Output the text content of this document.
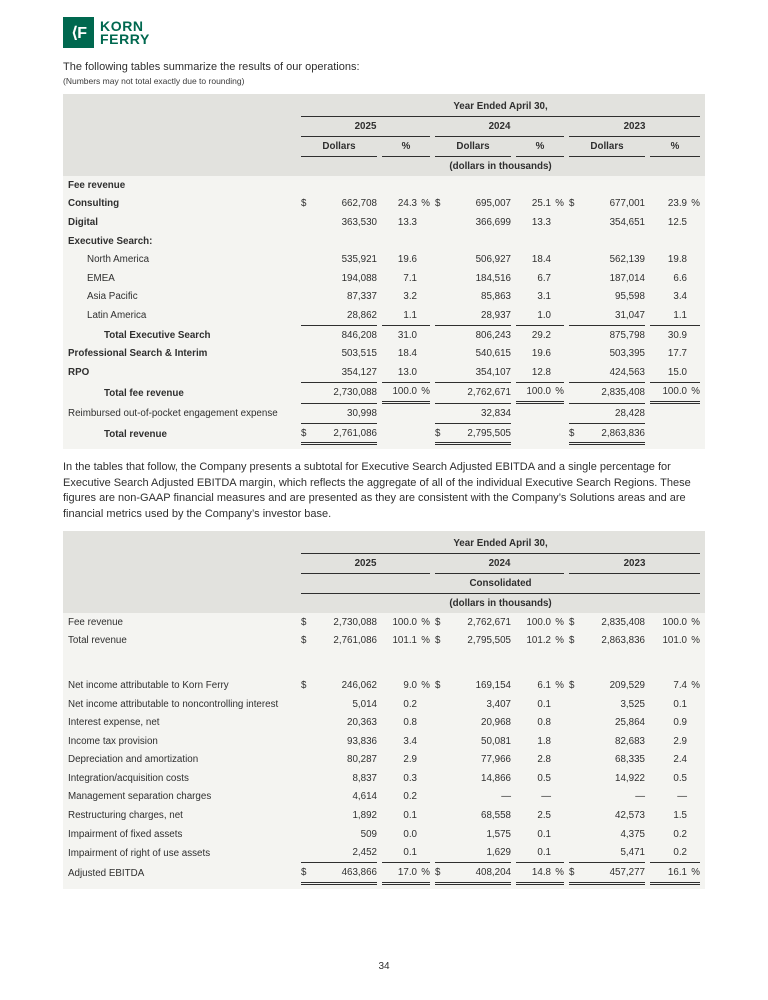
⟨F KORN
FERRY
The following tables summarize the results of our operations:
(Numbers may not total exactly due to rounding)
	Year Ended April 30,					
	2025		2024		2023	
	Dollars	%	Dollars	%	Dollars	%
	(dollars in thousands)					
Fee revenue	

Consulting	$ 662,708	24.3 %	$ 695,007	25.1 %	$ 677,001	23.9 %

Digital	363,530	13.3	366,699	13.3	354,651	12.5

Executive Search:	

North America	535,921	19.6	506,927	18.4	562,139	19.8

EMEA	194,088	7.1	184,516	6.7	187,014	6.6

Asia Pacific	87,337	3.2	85,863	3.1	95,598	3.4

Latin America	28,862	1.1	28,937	1.0	31,047	1.1

Total Executive Search	846,208	31.0	806,243	29.2	875,798	30.9

Professional Search & Interim	503,515	18.4	540,615	19.6	503,395	17.7

RPO	354,127	13.0	354,107	12.8	424,563	15.0

Total fee revenue	2,730,088	100.0 %	2,762,671	100.0 %	2,835,408	100.0 %

Reimbursed out-of-pocket engagement expense	30,998		32,834		28,428	

Total revenue	$ 2,761,086		$ 2,795,505		$ 2,863,836	

In the tables that follow, the Company presents a subtotal for Executive Search Adjusted EBITDA and a single percentage for Executive Search Adjusted EBITDA margin, which reflects the aggregate of all of the individual Executive Search Regions. These figures are non-GAAP financial measures and are presented as they are consistent with the Company’s Solutions areas and are financial metrics used by the Company’s investor base.
	Year Ended April 30,		
	2025	2024	2023
	Consolidated		
	(dollars in thousands)		
Fee revenue	$ 2,730,088	100.0 %	$ 2,762,671	100.0 %	$ 2,835,408	100.0 %

Total revenue	$ 2,761,086	101.1 %	$ 2,795,505	101.2 %	$ 2,863,836	101.0 %

Net income attributable to Korn Ferry	$ 246,062	9.0 %	$ 169,154	6.1 %	$ 209,529	7.4 %

Net income attributable to noncontrolling interest	5,014	0.2	3,407	0.1	3,525	0.1

Interest expense, net	20,363	0.8	20,968	0.8	25,864	0.9

Income tax provision	93,836	3.4	50,081	1.8	82,683	2.9

Depreciation and amortization	80,287	2.9	77,966	2.8	68,335	2.4

Integration/acquisition costs	8,837	0.3	14,866	0.5	14,922	0.5

Management separation charges	4,614	0.2	—	—	—	—

Restructuring charges, net	1,892	0.1	68,558	2.5	42,573	1.5

Impairment of fixed assets	509	0.0	1,575	0.1	4,375	0.2

Impairment of right of use assets	2,452	0.1	1,629	0.1	5,471	0.2

Adjusted EBITDA	$ 463,866	17.0 %	$ 408,204	14.8 %	$ 457,277	16.1 %
34
